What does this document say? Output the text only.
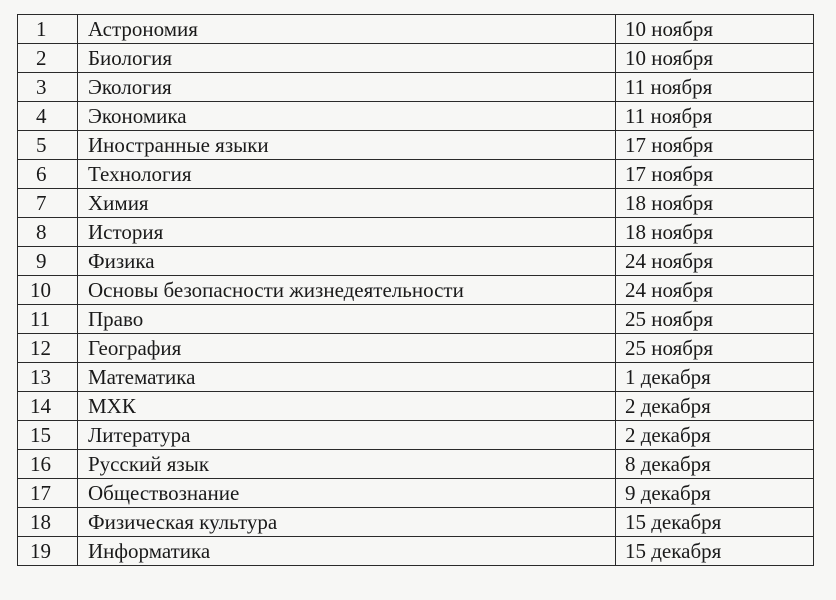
1	Астрономия	10 ноября
2	Биология	10 ноября
3	Экология	11 ноября
4	Экономика	11 ноября
5	Иностранные языки	17 ноября
6	Технология	17 ноября
7	Химия	18 ноября
8	История	18 ноября
9	Физика	24 ноября
10	Основы безопасности жизнедеятельности	24 ноября
11	Право	25 ноября
12	География	25 ноября
13	Математика	1 декабря
14	МХК	2 декабря
15	Литература	2 декабря
16	Русский язык	8 декабря
17	Обществознание	9 декабря
18	Физическая культура	15 декабря
19	Информатика	15 декабря
